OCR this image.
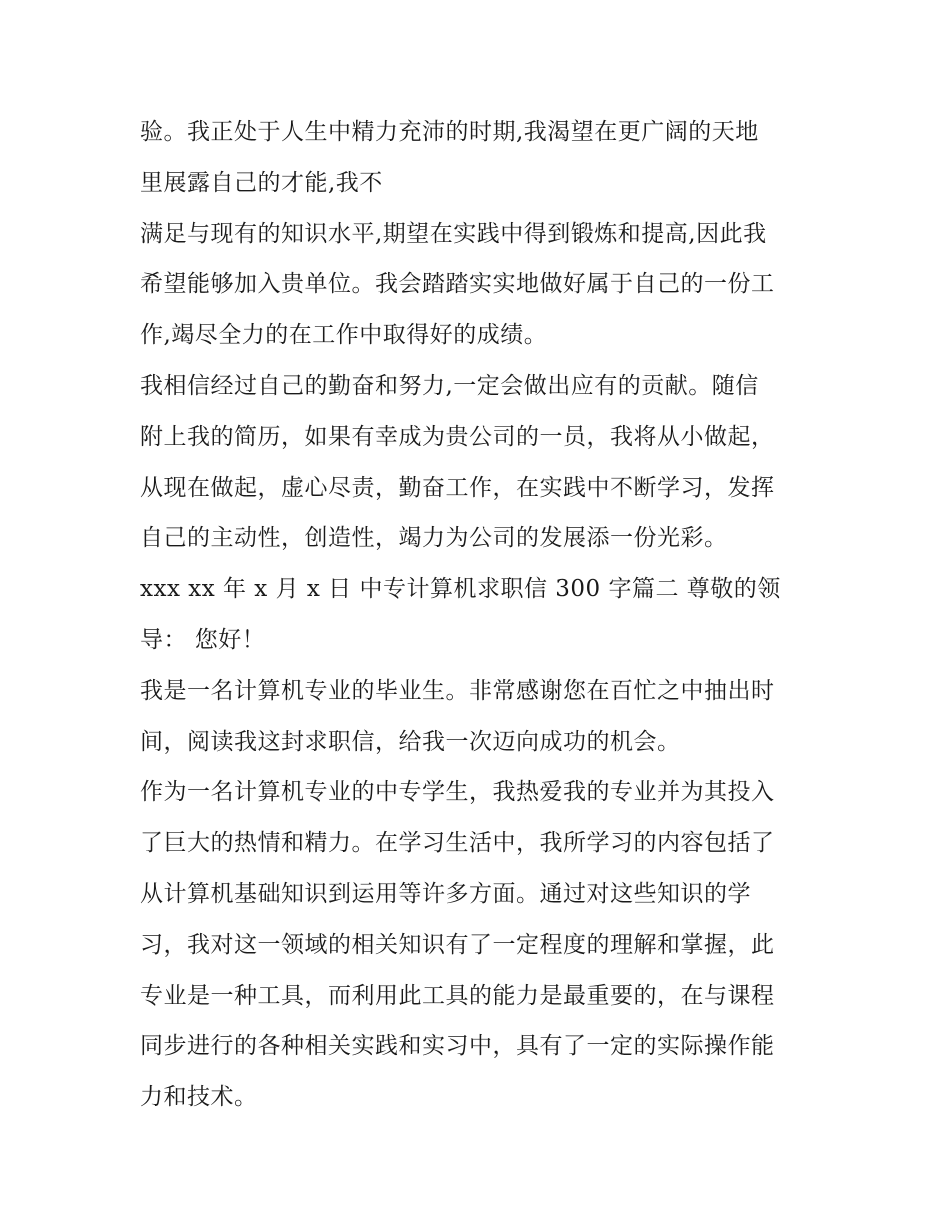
验。我正处于人生中精力充沛的时期,我渴望在更广阔的天地
里展露自己的才能,我不
满足与现有的知识水平,期望在实践中得到锻炼和提高,因此我
希望能够加入贵单位。我会踏踏实实地做好属于自己的一份工
作,竭尽全力的在工作中取得好的成绩。
我相信经过自己的勤奋和努力,一定会做出应有的贡献。随信
附上我的简历，如果有幸成为贵公司的一员，我将从小做起，
从现在做起，虚心尽责，勤奋工作，在实践中不断学习，发挥
自己的主动性，创造性，竭力为公司的发展添一份光彩。
xxx xx 年 x 月 x 日 中专计算机求职信 300 字篇二 尊敬的领
导： 您好！
我是一名计算机专业的毕业生。非常感谢您在百忙之中抽出时
间，阅读我这封求职信，给我一次迈向成功的机会。
作为一名计算机专业的中专学生，我热爱我的专业并为其投入
了巨大的热情和精力。在学习生活中，我所学习的内容包括了
从计算机基础知识到运用等许多方面。通过对这些知识的学
习，我对这一领域的相关知识有了一定程度的理解和掌握，此
专业是一种工具，而利用此工具的能力是最重要的，在与课程
同步进行的各种相关实践和实习中，具有了一定的实际操作能
力和技术。
